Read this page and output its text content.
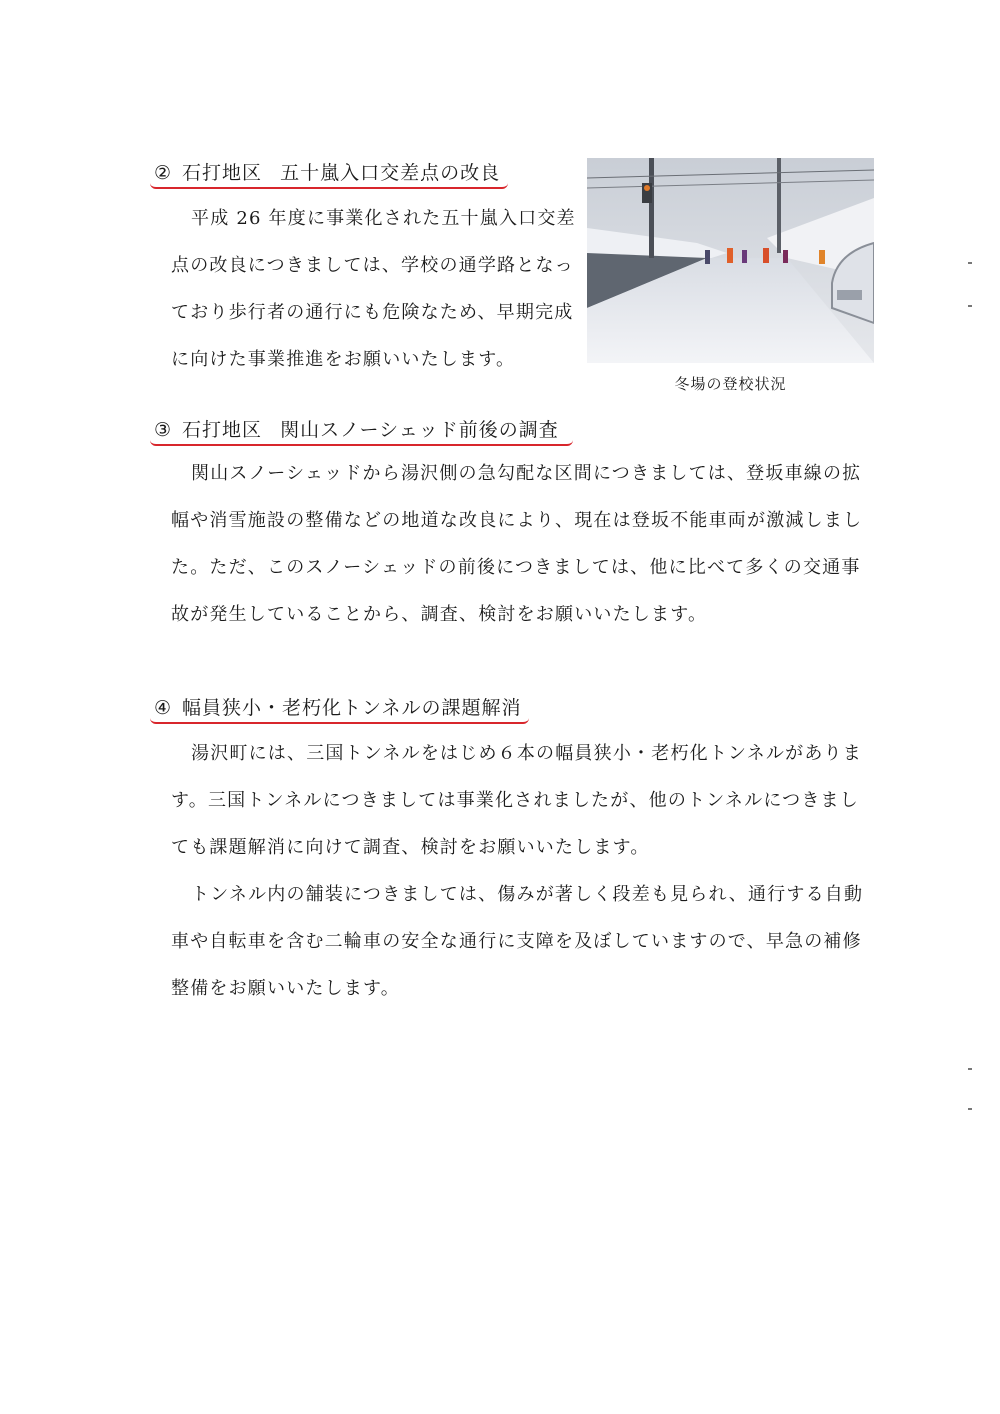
② 石打地区 五十嵐入口交差点の改良
平成 26 年度に事業化された五十嵐入口交差
点の改良につきましては、学校の通学路となっ
ており歩行者の通行にも危険なため、早期完成
に向けた事業推進をお願いいたします。
冬場の登校状況
③ 石打地区 関山スノーシェッド前後の調査
関山スノーシェッドから湯沢側の急勾配な区間につきましては、登坂車線の拡
幅や消雪施設の整備などの地道な改良により、現在は登坂不能車両が激減しまし
た。ただ、このスノーシェッドの前後につきましては、他に比べて多くの交通事
故が発生していることから、調査、検討をお願いいたします。
④ 幅員狭小・老朽化トンネルの課題解消
湯沢町には、三国トンネルをはじめ６本の幅員狭小・老朽化トンネルがありま
す。三国トンネルにつきましては事業化されましたが、他のトンネルにつきまし
ても課題解消に向けて調査、検討をお願いいたします。
トンネル内の舗装につきましては、傷みが著しく段差も見られ、通行する自動
車や自転車を含む二輪車の安全な通行に支障を及ぼしていますので、早急の補修
整備をお願いいたします。
